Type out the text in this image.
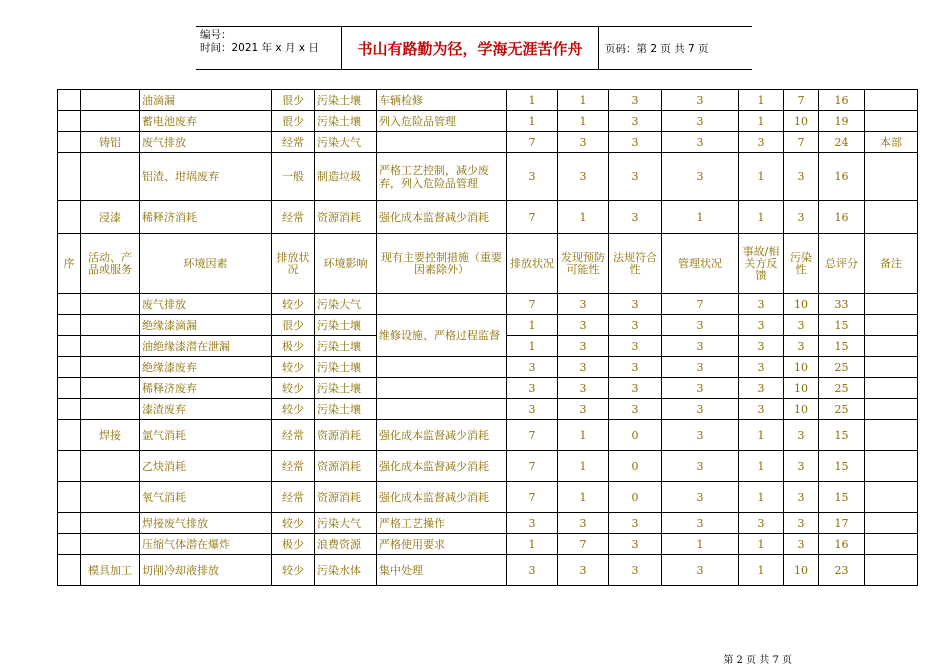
编号：
时间：2021 年 x 月 x 日	书山有路勤为径，学海无涯苦作舟	页码：第 2 页 共 7 页
		油滴漏	很少	污染土壤	车辆检修	1	1	3	3	1	7	16	
		蓄电池废弃	很少	污染土壤	列入危险品管理	1	1	3	3	1	10	19	
	铸铝	废气排放	经常	污染大气		7	3	3	3	3	7	24	本部
		铝渣、坩埚废弃	一般	制造垃圾	严格工艺控制，减少废弃，列入危险品管理	3	3	3	3	1	3	16	
	浸漆	稀释济消耗	经常	资源消耗	强化成本监督减少消耗	7	1	3	1	1	3	16	
序	活动、产品或服务	环境因素	排放状况	环境影响	现有主要控制措施（重要因素除外）	排放状况	发现预防可能性	法规符合性	管理状况	事故/相关方反馈	污染性	总评分	备注
		废气排放	较少	污染大气		7	3	3	7	3	10	33	
		绝缘漆滴漏	很少	污染土壤	维修设施、严格过程监督	1	3	3	3	3	3	15	
		油绝缘漆潜在泄漏	极少	污染土壤		1	3	3	3	3	3	15	
		绝缘漆废弃	较少	污染土壤		3	3	3	3	3	10	25	
		稀释济废弃	较少	污染土壤		3	3	3	3	3	10	25	
		漆渣废弃	较少	污染土壤		3	3	3	3	3	10	25	
	焊接	氩气消耗	经常	资源消耗	强化成本监督减少消耗	7	1	0	3	1	3	15	
		乙炔消耗	经常	资源消耗	强化成本监督减少消耗	7	1	0	3	1	3	15	
		氧气消耗	经常	资源消耗	强化成本监督减少消耗	7	1	0	3	1	3	15	
		焊接废气排放	较少	污染大气	严格工艺操作	3	3	3	3	3	3	17	
		压缩气体潜在爆炸	极少	浪费资源	严格使用要求	1	7	3	1	1	3	16	
	模具加工	切削冷却液排放	较少	污染水体	集中处理	3	3	3	3	1	10	23	
第 2 页 共 7 页
